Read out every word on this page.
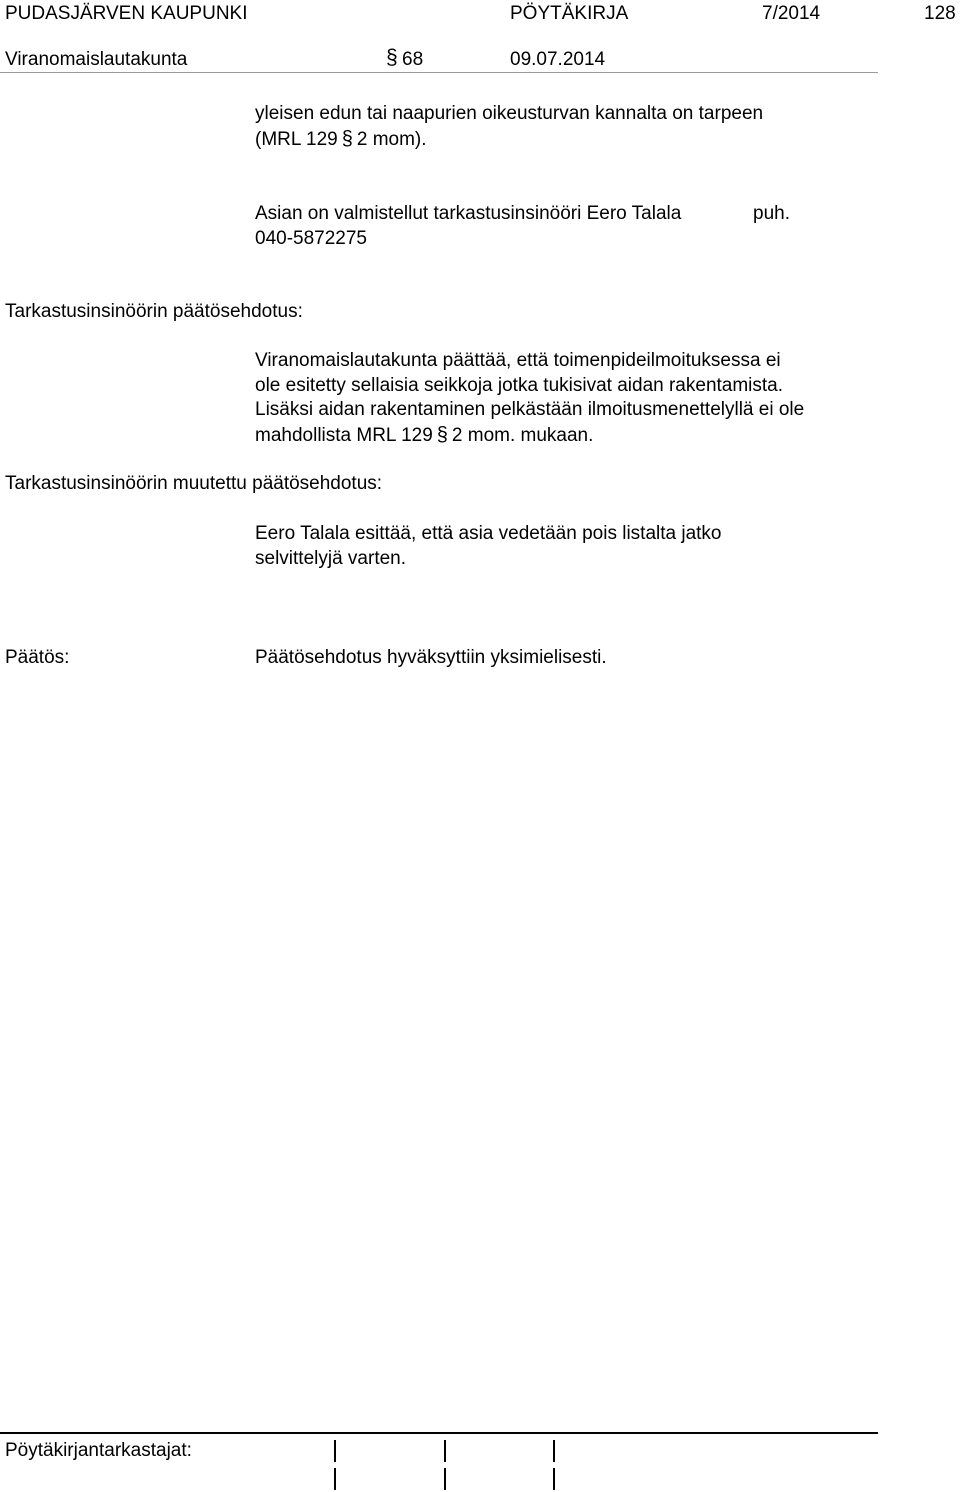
PUDASJÄRVEN KAUPUNKI	PÖYTÄKIRJA	7/2014	128
Viranomaislautakunta	§ 68	09.07.2014
yleisen edun tai naapurien oikeusturvan kannalta on tarpeen
(MRL 129 § 2 mom).
Asian on valmistellut tarkastusinsinööri Eero Talala	puh.
040-5872275
Tarkastusinsinöörin päätösehdotus:
Viranomaislautakunta päättää, että toimenpideilmoituksessa ei
ole esitetty sellaisia seikkoja jotka tukisivat aidan rakentamista.
Lisäksi aidan rakentaminen pelkästään ilmoitusmenettelyllä ei ole
mahdollista MRL 129 § 2 mom. mukaan.
Tarkastusinsinöörin muutettu päätösehdotus:
Eero Talala esittää, että asia vedetään pois listalta jatko
selvittelyjä varten.
Päätös:	Päätösehdotus hyväksyttiin yksimielisesti.
Pöytäkirjantarkastajat:
